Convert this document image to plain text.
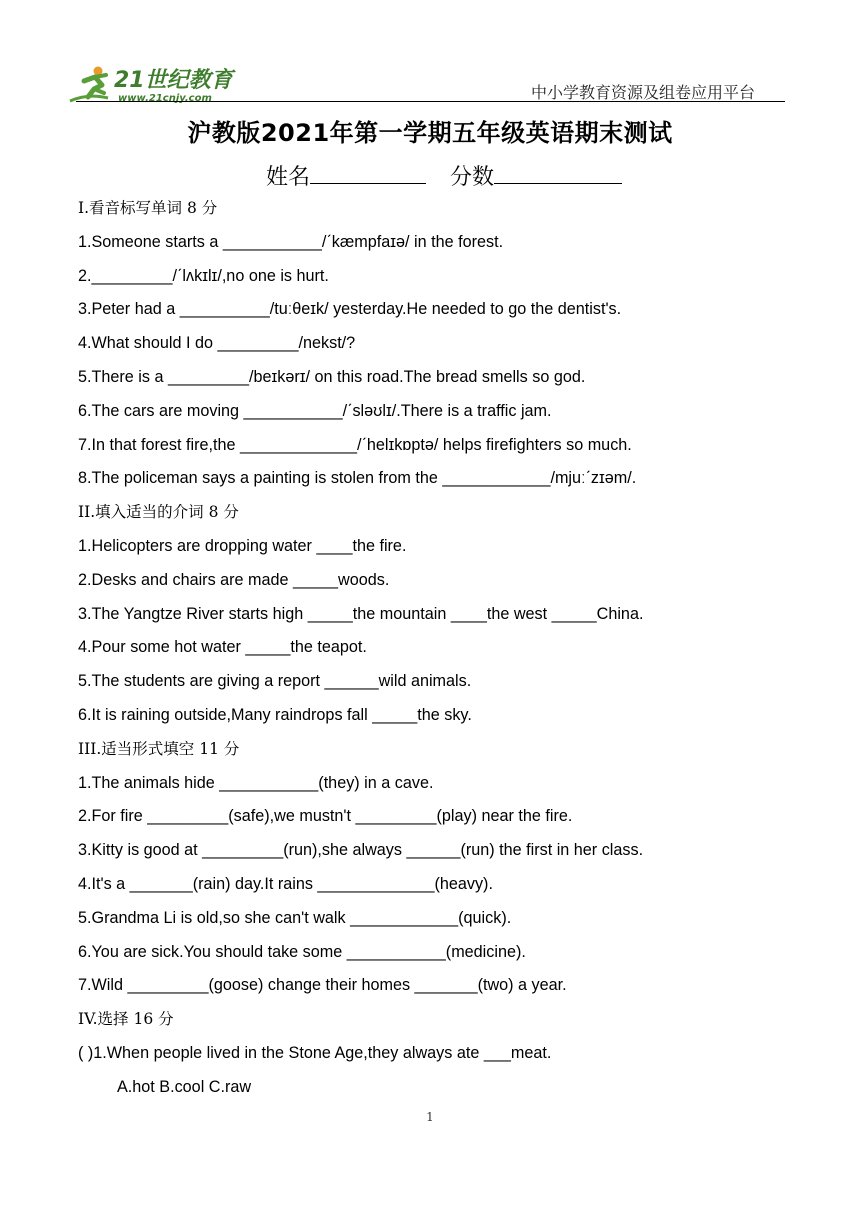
21世纪教育
www.21cnjy.com	中小学教育资源及组卷应用平台
沪教版2021年第一学期五年级英语期末测试
姓名	分数
I.看音标写单词 8 分
1.Someone starts a ___________/ˊkæmpfaɪə/ in the forest.
2._________/ˊlʌkɪlɪ/,no one is hurt.
3.Peter had a __________/tuːθeɪk/ yesterday.He needed to go the dentist's.
4.What should I do _________/nekst/?
5.There is a _________/beɪkərɪ/ on this road.The bread smells so god.
6.The cars are moving ___________/ˊsləʊlɪ/.There is a traffic jam.
7.In that forest fire,the _____________/ˊhelɪkɒptə/ helps firefighters so much.
8.The policeman says a painting is stolen from the ____________/mjuːˊzɪəm/.
II.填入适当的介词 8 分
1.Helicopters are dropping water ____the fire.
2.Desks and chairs are made _____woods.
3.The Yangtze River starts high _____the mountain ____the west _____China.
4.Pour some hot water _____the teapot.
5.The students are giving a report ______wild animals.
6.It is raining outside,Many raindrops fall _____the sky.
III.适当形式填空 11 分
1.The animals hide ___________(they) in a cave.
2.For fire _________(safe),we mustn't _________(play) near the fire.
3.Kitty is good at _________(run),she always ______(run) the first in her class.
4.It's a _______(rain) day.It rains _____________(heavy).
5.Grandma Li is old,so she can't walk ____________(quick).
6.You are sick.You should take some ___________(medicine).
7.Wild _________(goose) change their homes _______(two) a year.
IV.选择 16 分
( )1.When people lived in the Stone Age,they always ate ___meat.
A.hot B.cool C.raw
1
